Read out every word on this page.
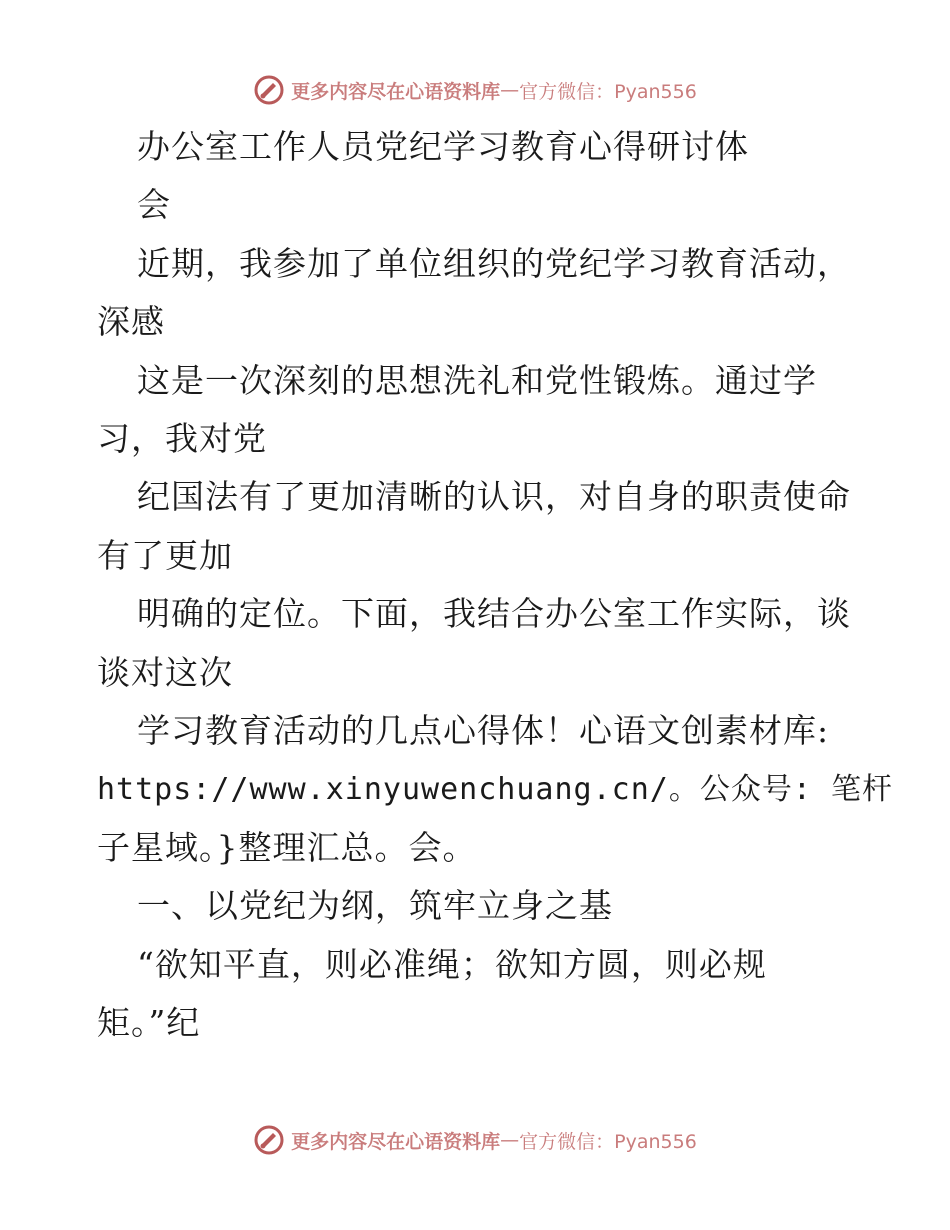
更多内容尽在心语资料库 — 官方微信：Pyan556
办公室工作人员党纪学习教育心得研讨体
会
近期，我参加了单位组织的党纪学习教育活动，
深感
这是一次深刻的思想洗礼和党性锻炼。通过学
习，我对党
纪国法有了更加清晰的认识，对自身的职责使命
有了更加
明确的定位。下面，我结合办公室工作实际，谈
谈对这次
学习教育活动的几点心得体！心语文创素材库:
https://www.xinyuwenchuang.cn/。公众号: 笔杆
子星域。}整理汇总。会。
一、以党纪为纲，筑牢立身之基
“欲知平直，则必准绳；欲知方圆，则必规
矩。”纪
更多内容尽在心语资料库 — 官方微信：Pyan556
